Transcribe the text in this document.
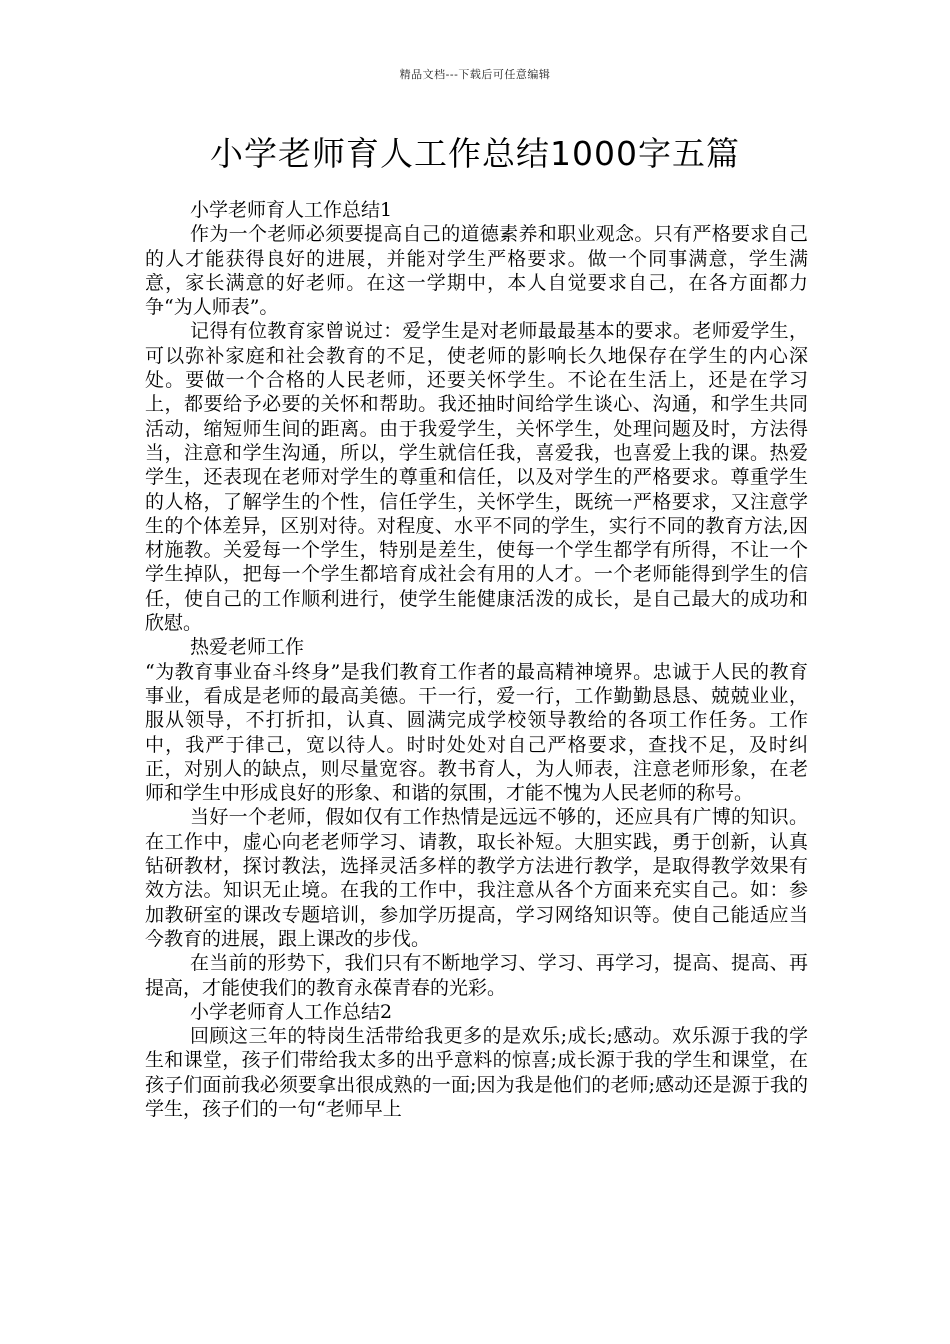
精品文档---下载后可任意编辑
小学老师育人工作总结1000字五篇

小学老师育人工作总结1

作为一个老师必须要提高自己的道德素养和职业观念。只有严格要求自己的人才能获得良好的进展，并能对学生严格要求。做一个同事满意，学生满意，家长满意的好老师。在这一学期中，本人自觉要求自己，在各方面都力争“为人师表”。

记得有位教育家曾说过：爱学生是对老师最最基本的要求。老师爱学生，可以弥补家庭和社会教育的不足，使老师的影响长久地保存在学生的内心深处。要做一个合格的人民老师，还要关怀学生。不论在生活上，还是在学习上，都要给予必要的关怀和帮助。我还抽时间给学生谈心、沟通，和学生共同活动，缩短师生间的距离。由于我爱学生，关怀学生，处理问题及时，方法得当，注意和学生沟通，所以，学生就信任我，喜爱我，也喜爱上我的课。热爱学生，还表现在老师对学生的尊重和信任，以及对学生的严格要求。尊重学生的人格，了解学生的个性，信任学生，关怀学生，既统一严格要求，又注意学生的个体差异，区别对待。对程度、水平不同的学生，实行不同的教育方法,因材施教。关爱每一个学生，特别是差生，使每一个学生都学有所得，不让一个学生掉队，把每一个学生都培育成社会有用的人才。一个老师能得到学生的信任，使自己的工作顺利进行，使学生能健康活泼的成长，是自己最大的成功和欣慰。

热爱老师工作

“为教育事业奋斗终身”是我们教育工作者的最高精神境界。忠诚于人民的教育事业，看成是老师的最高美德。干一行，爱一行，工作勤勤恳恳、兢兢业业，服从领导，不打折扣，认真、圆满完成学校领导教给的各项工作任务。工作中，我严于律己，宽以待人。时时处处对自己严格要求，查找不足，及时纠正，对别人的缺点，则尽量宽容。教书育人，为人师表，注意老师形象，在老师和学生中形成良好的形象、和谐的氛围，才能不愧为人民老师的称号。

当好一个老师，假如仅有工作热情是远远不够的，还应具有广博的知识。在工作中，虚心向老老师学习、请教，取长补短。大胆实践，勇于创新，认真钻研教材，探讨教法，选择灵活多样的教学方法进行教学，是取得教学效果有效方法。知识无止境。在我的工作中，我注意从各个方面来充实自己。如：参加教研室的课改专题培训，参加学历提高，学习网络知识等。使自己能适应当今教育的进展，跟上课改的步伐。

在当前的形势下，我们只有不断地学习、学习、再学习，提高、提高、再提高，才能使我们的教育永葆青春的光彩。

小学老师育人工作总结2

回顾这三年的特岗生活带给我更多的是欢乐;成长;感动。欢乐源于我的学生和课堂，孩子们带给我太多的出乎意料的惊喜;成长源于我的学生和课堂，在孩子们面前我必须要拿出很成熟的一面;因为我是他们的老师;感动还是源于我的学生，孩子们的一句“老师早上
